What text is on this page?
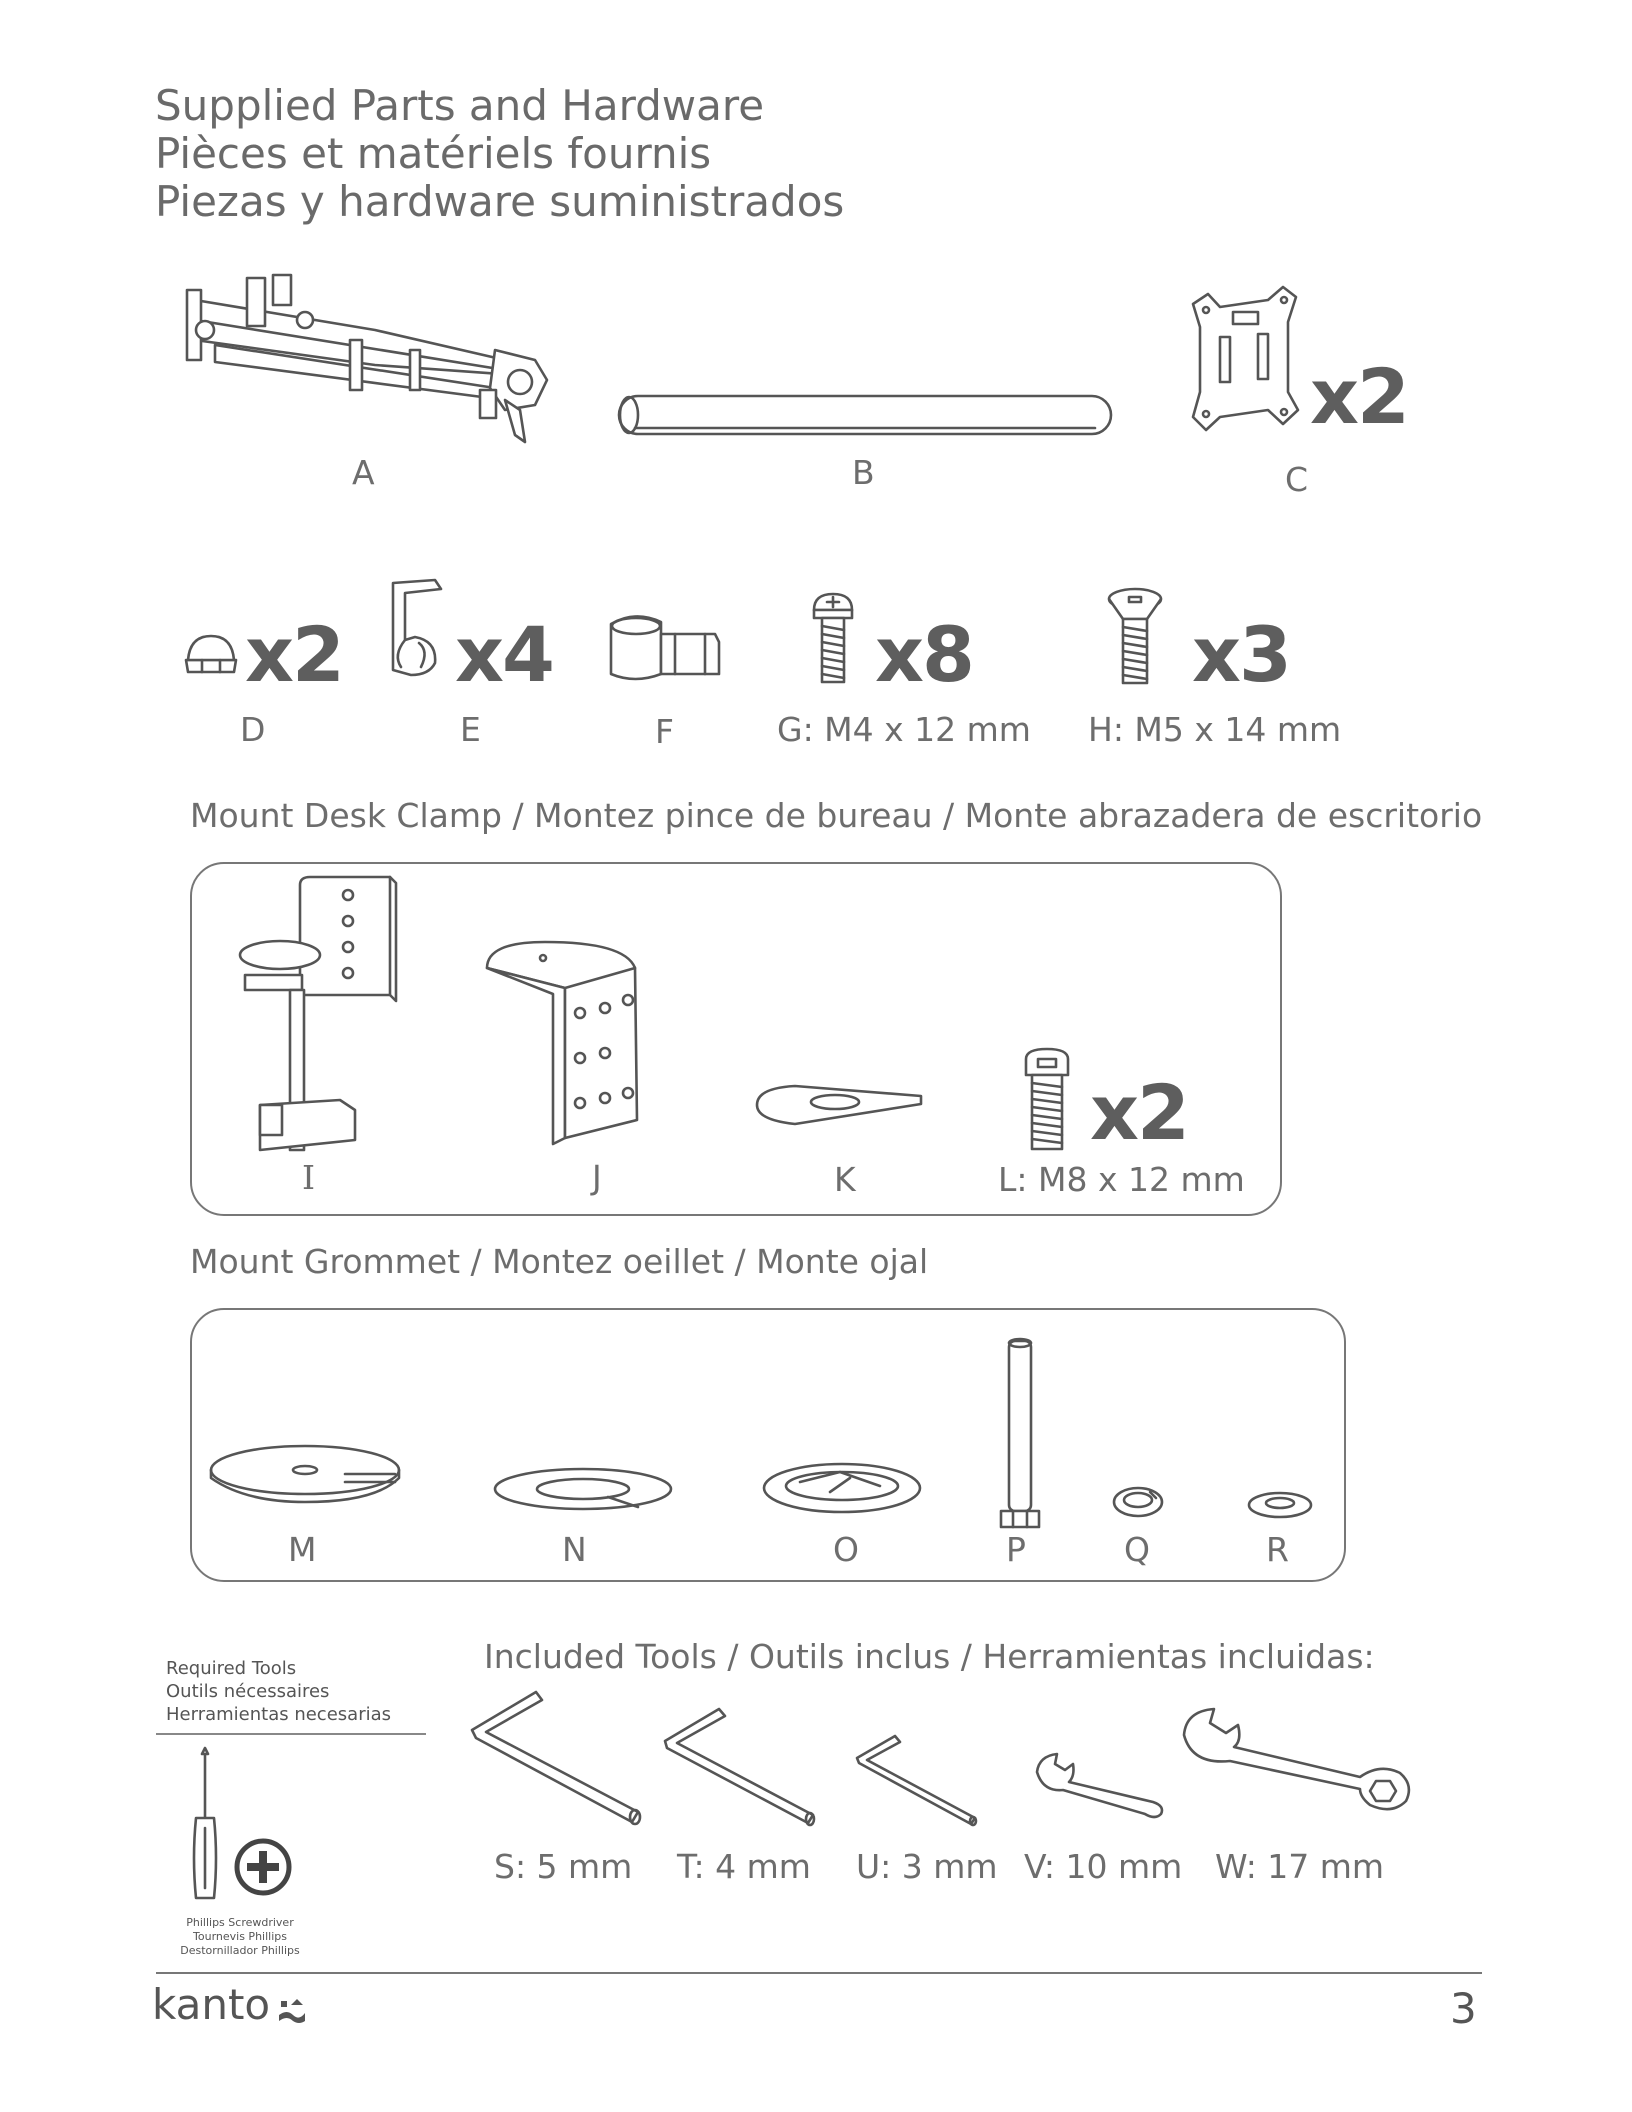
Supplied Parts and Hardware
Pièces et matériels fournis
Piezas y hardware suministrados
A	B
x2
C
x2
D
x4
E	F
x8
G: M4 x 12 mm
x3
H: M5 x 14 mm
Mount Desk Clamp / Montez pince de bureau / Monte abrazadera de escritorio
I	J	K
x2
L: M8 x 12 mm
Mount Grommet / Montez oeillet / Monte ojal
M	N	O	P	Q	R
Required Tools
Outils nécessaires
Herramientas necesarias
Phillips Screwdriver
Tournevis Phillips
Destornillador Phillips
Included Tools / Outils inclus / Herramientas incluidas:
S: 5 mm T: 4 mm U: 3 mm V: 10 mm W: 17 mm
kanto	3
